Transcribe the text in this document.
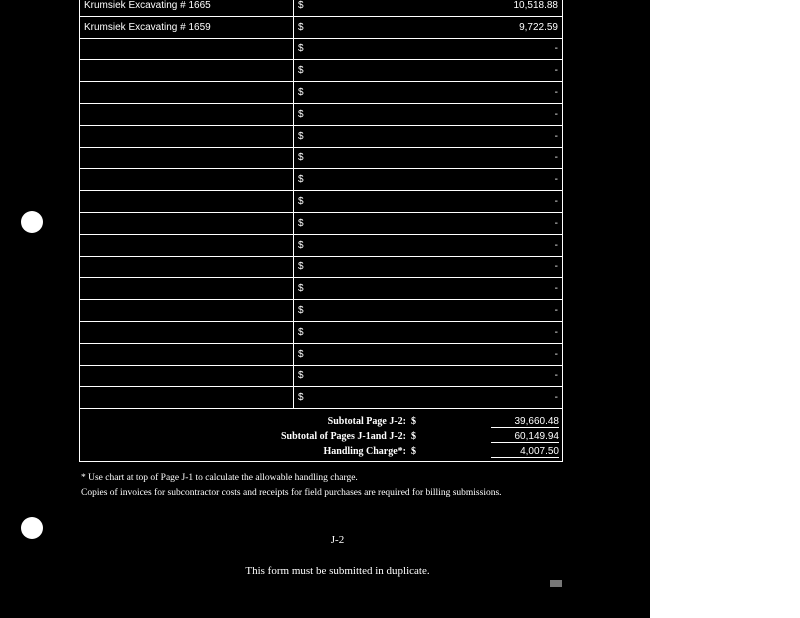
Krumsiek Excavating # 1665	$	10,518.88
Krumsiek Excavating # 1659	$	9,722.59
	$	-
	$	-
	$	-
	$	-
	$	-
	$	-
	$	-
	$	-
	$	-
	$	-
	$	-
	$	-
	$	-
	$	-
	$	-
	$	-
	$	-
Subtotal Page J-2: $	39,660.48
Subtotal of Pages J-1and J-2: $	60,149.94
Handling Charge*: $	4,007.50
* Use chart at top of Page J-1 to calculate the allowable handling charge.
Copies of invoices for subcontractor costs and receipts for field purchases are required for billing submissions.
J-2
This form must be submitted in duplicate.
